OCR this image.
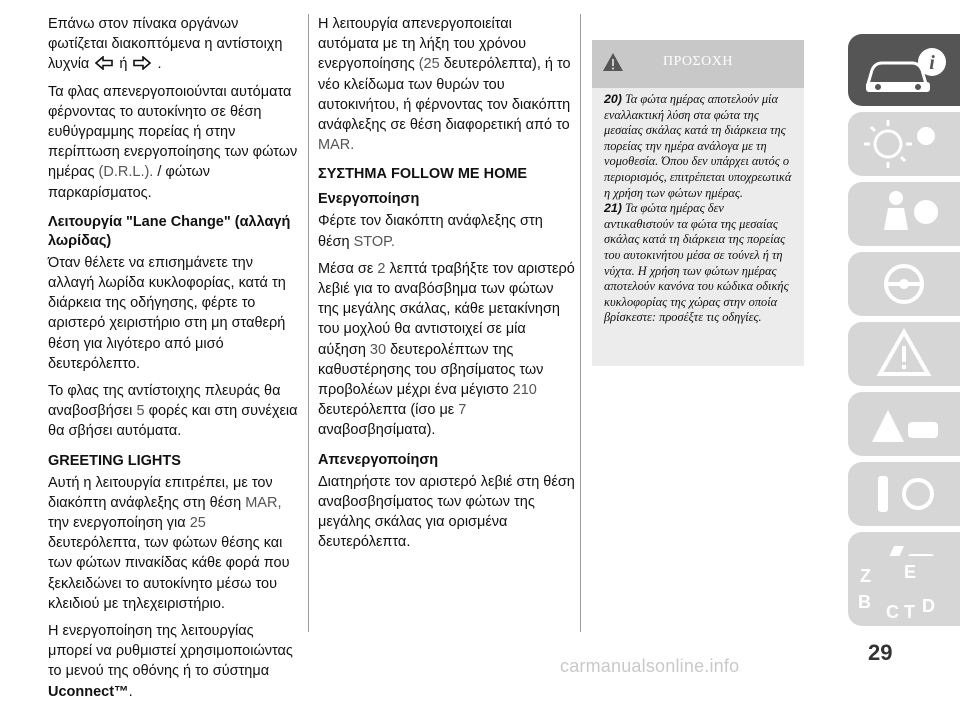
Επάνω στον πίνακα οργάνων φωτίζεται διακοπτόμενα η αντίστοιχη λυχνία ή .

Τα φλας απενεργοποιούνται αυτόματα φέρνοντας το αυτοκίνητο σε θέση ευθύγραμμης πορείας ή στην περίπτωση ενεργοποίησης των φώτων ημέρας (D.R.L.). / φώτων παρκαρίσματος.

Λειτουργία "Lane Change" (αλλαγή λωρίδας)

Όταν θέλετε να επισημάνετε την αλλαγή λωρίδα κυκλοφορίας, κατά τη διάρκεια της οδήγησης, φέρτε το αριστερό χειριστήριο στη μη σταθερή θέση για λιγότερο από μισό δευτερόλεπτο.

Το φλας της αντίστοιχης πλευράς θα αναβοσβήσει 5 φορές και στη συνέχεια θα σβήσει αυτόματα.

GREETING LIGHTS

Αυτή η λειτουργία επιτρέπει, με τον διακόπτη ανάφλεξης στη θέση MAR, την ενεργοποίηση για 25 δευτερόλεπτα, των φώτων θέσης και των φώτων πινακίδας κάθε φορά που ξεκλειδώνει το αυτοκίνητο μέσω του κλειδιού με τηλεχειριστήριο.

Η ενεργοποίηση της λειτουργίας μπορεί να ρυθμιστεί χρησιμοποιώντας το μενού της οθόνης ή το σύστημα Uconnect™.

Η λειτουργία απενεργοποιείται αυτόματα με τη λήξη του χρόνου ενεργοποίησης (25 δευτερόλεπτα), ή το νέο κλείδωμα των θυρών του αυτοκινήτου, ή φέρνοντας τον διακόπτη ανάφλεξης σε θέση διαφορετική από το MAR.

ΣΥΣΤΗΜΑ FOLLOW ME HOME
Ενεργοποίηση

Φέρτε τον διακόπτη ανάφλεξης στη θέση STOP.

Μέσα σε 2 λεπτά τραβήξτε τον αριστερό λεβιέ για το αναβόσβημα των φώτων της μεγάλης σκάλας, κάθε μετακίνηση του μοχλού θα αντιστοιχεί σε μία αύξηση 30 δευτερολέπτων της καθυστέρησης του σβησίματος των προβολέων μέχρι ένα μέγιστο 210 δευτερόλεπτα (ίσο με 7 αναβοσβησίματα).

Απενεργοποίηση

Διατηρήστε τον αριστερό λεβιέ στη θέση αναβοσβησίματος των φώτων της μεγάλης σκάλας για ορισμένα δευτερόλεπτα.

ΠΡΟΣΟΧΗ

20) Τα φώτα ημέρας αποτελούν μία εναλλακτική λύση στα φώτα της μεσαίας σκάλας κατά τη διάρκεια της πορείας την ημέρα ανάλογα με τη νομοθεσία. Όπου δεν υπάρχει αυτός ο περιορισμός, επιτρέπεται υποχρεωτικά η χρήση των φώτων ημέρας.

21) Τα φώτα ημέρας δεν αντικαθιστούν τα φώτα της μεσαίας σκάλας κατά τη διάρκεια της πορείας του αυτοκινήτου μέσα σε τούνελ ή τη νύχτα. Η χρήση των φώτων ημέρας αποτελούν κανόνα του κώδικα οδικής κυκλοφορίας της χώρας στην οποία βρίσκεστε: προσέξτε τις οδηγίες.

i
Z E
B C T D
29
carmanualsonline.info
